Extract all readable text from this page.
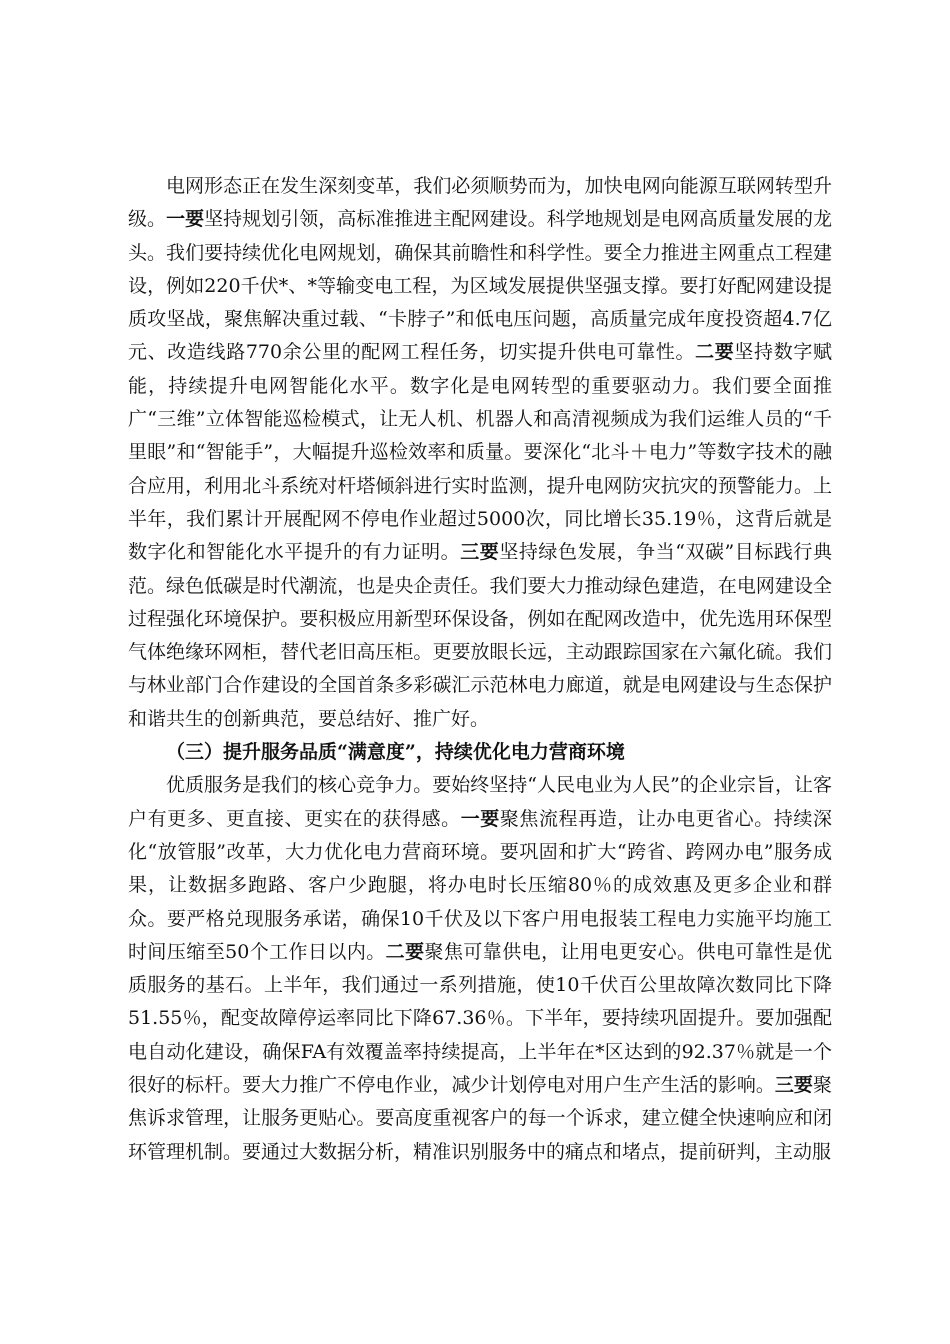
电网形态正在发生深刻变革，我们必须顺势而为，加快电网向能源互联网转型升级。一要坚持规划引领，高标准推进主配网建设。科学地规划是电网高质量发展的龙头。我们要持续优化电网规划，确保其前瞻性和科学性。要全力推进主网重点工程建设，例如220千伏*、*等输变电工程，为区域发展提供坚强支撑。要打好配网建设提质攻坚战，聚焦解决重过载、“卡脖子”和低电压问题，高质量完成年度投资超4.7亿元、改造线路770余公里的配网工程任务，切实提升供电可靠性。二要坚持数字赋能，持续提升电网智能化水平。数字化是电网转型的重要驱动力。我们要全面推广“三维”立体智能巡检模式，让无人机、机器人和高清视频成为我们运维人员的“千里眼”和“智能手”，大幅提升巡检效率和质量。要深化“北斗＋电力”等数字技术的融合应用，利用北斗系统对杆塔倾斜进行实时监测，提升电网防灾抗灾的预警能力。上半年，我们累计开展配网不停电作业超过5000次，同比增长35.19％，这背后就是数字化和智能化水平提升的有力证明。三要坚持绿色发展，争当“双碳”目标践行典范。绿色低碳是时代潮流，也是央企责任。我们要大力推动绿色建造，在电网建设全过程强化环境保护。要积极应用新型环保设备，例如在配网改造中，优先选用环保型气体绝缘环网柜，替代老旧高压柜。更要放眼长远，主动跟踪国家在六氟化硫。我们与林业部门合作建设的全国首条多彩碳汇示范林电力廊道，就是电网建设与生态保护和谐共生的创新典范，要总结好、推广好。

（三）提升服务品质“满意度”，持续优化电力营商环境

优质服务是我们的核心竞争力。要始终坚持“人民电业为人民”的企业宗旨，让客户有更多、更直接、更实在的获得感。一要聚焦流程再造，让办电更省心。持续深化“放管服”改革，大力优化电力营商环境。要巩固和扩大“跨省、跨网办电”服务成果，让数据多跑路、客户少跑腿，将办电时长压缩80％的成效惠及更多企业和群众。要严格兑现服务承诺，确保10千伏及以下客户用电报装工程电力实施平均施工时间压缩至50个工作日以内。二要聚焦可靠供电，让用电更安心。供电可靠性是优质服务的基石。上半年，我们通过一系列措施，使10千伏百公里故障次数同比下降51.55％，配变故障停运率同比下降67.36％。下半年，要持续巩固提升。要加强配电自动化建设，确保FA有效覆盖率持续提高，上半年在*区达到的92.37％就是一个很好的标杆。要大力推广不停电作业，减少计划停电对用户生产生活的影响。三要聚焦诉求管理，让服务更贴心。要高度重视客户的每一个诉求，建立健全快速响应和闭环管理机制。要通过大数据分析，精准识别服务中的痛点和堵点，提前研判，主动服
